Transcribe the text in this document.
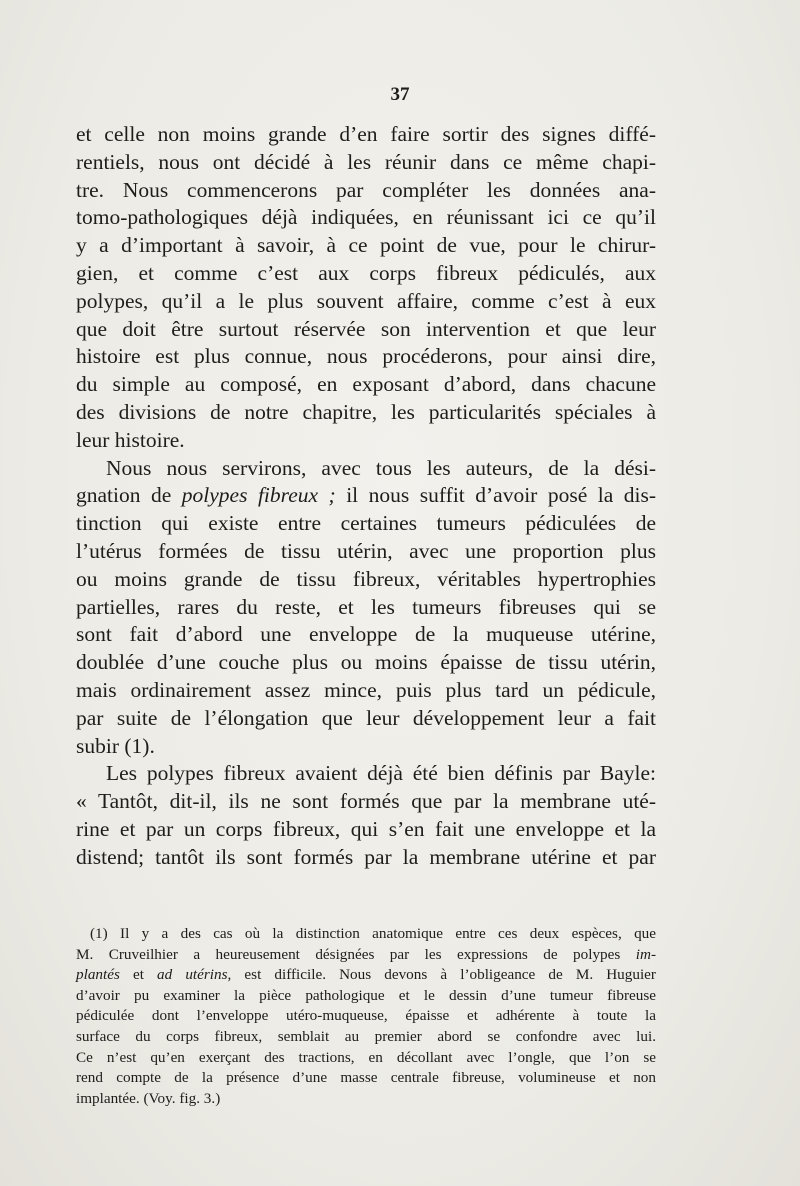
37

et celle non moins grande d’en faire sortir des signes diffé-
rentiels, nous ont décidé à les réunir dans ce même chapi-
tre. Nous commencerons par compléter les données ana-
tomo-pathologiques déjà indiquées, en réunissant ici ce qu’il
y a d’important à savoir, à ce point de vue, pour le chirur-
gien, et comme c’est aux corps fibreux pédiculés, aux
polypes, qu’il a le plus souvent affaire, comme c’est à eux
que doit être surtout réservée son intervention et que leur
histoire est plus connue, nous procéderons, pour ainsi dire,
du simple au composé, en exposant d’abord, dans chacune
des divisions de notre chapitre, les particularités spéciales à
leur histoire.

Nous nous servirons, avec tous les auteurs, de la dési-
gnation de polypes fibreux ; il nous suffit d’avoir posé la dis-
tinction qui existe entre certaines tumeurs pédiculées de
l’utérus formées de tissu utérin, avec une proportion plus
ou moins grande de tissu fibreux, véritables hypertrophies
partielles, rares du reste, et les tumeurs fibreuses qui se
sont fait d’abord une enveloppe de la muqueuse utérine,
doublée d’une couche plus ou moins épaisse de tissu utérin,
mais ordinairement assez mince, puis plus tard un pédicule,
par suite de l’élongation que leur développement leur a fait
subir (1).

Les polypes fibreux avaient déjà été bien définis par Bayle:
« Tantôt, dit-il, ils ne sont formés que par la membrane uté-
rine et par un corps fibreux, qui s’en fait une enveloppe et la
distend; tantôt ils sont formés par la membrane utérine et par

(1) Il y a des cas où la distinction anatomique entre ces deux espèces, que
M. Cruveilhier a heureusement désignées par les expressions de polypes im-
plantés et ad utérins, est difficile. Nous devons à l’obligeance de M. Huguier
d’avoir pu examiner la pièce pathologique et le dessin d’une tumeur fibreuse
pédiculée dont l’enveloppe utéro-muqueuse, épaisse et adhérente à toute la
surface du corps fibreux, semblait au premier abord se confondre avec lui.
Ce n’est qu’en exerçant des tractions, en décollant avec l’ongle, que l’on se
rend compte de la présence d’une masse centrale fibreuse, volumineuse et non
implantée. (Voy. fig. 3.)
